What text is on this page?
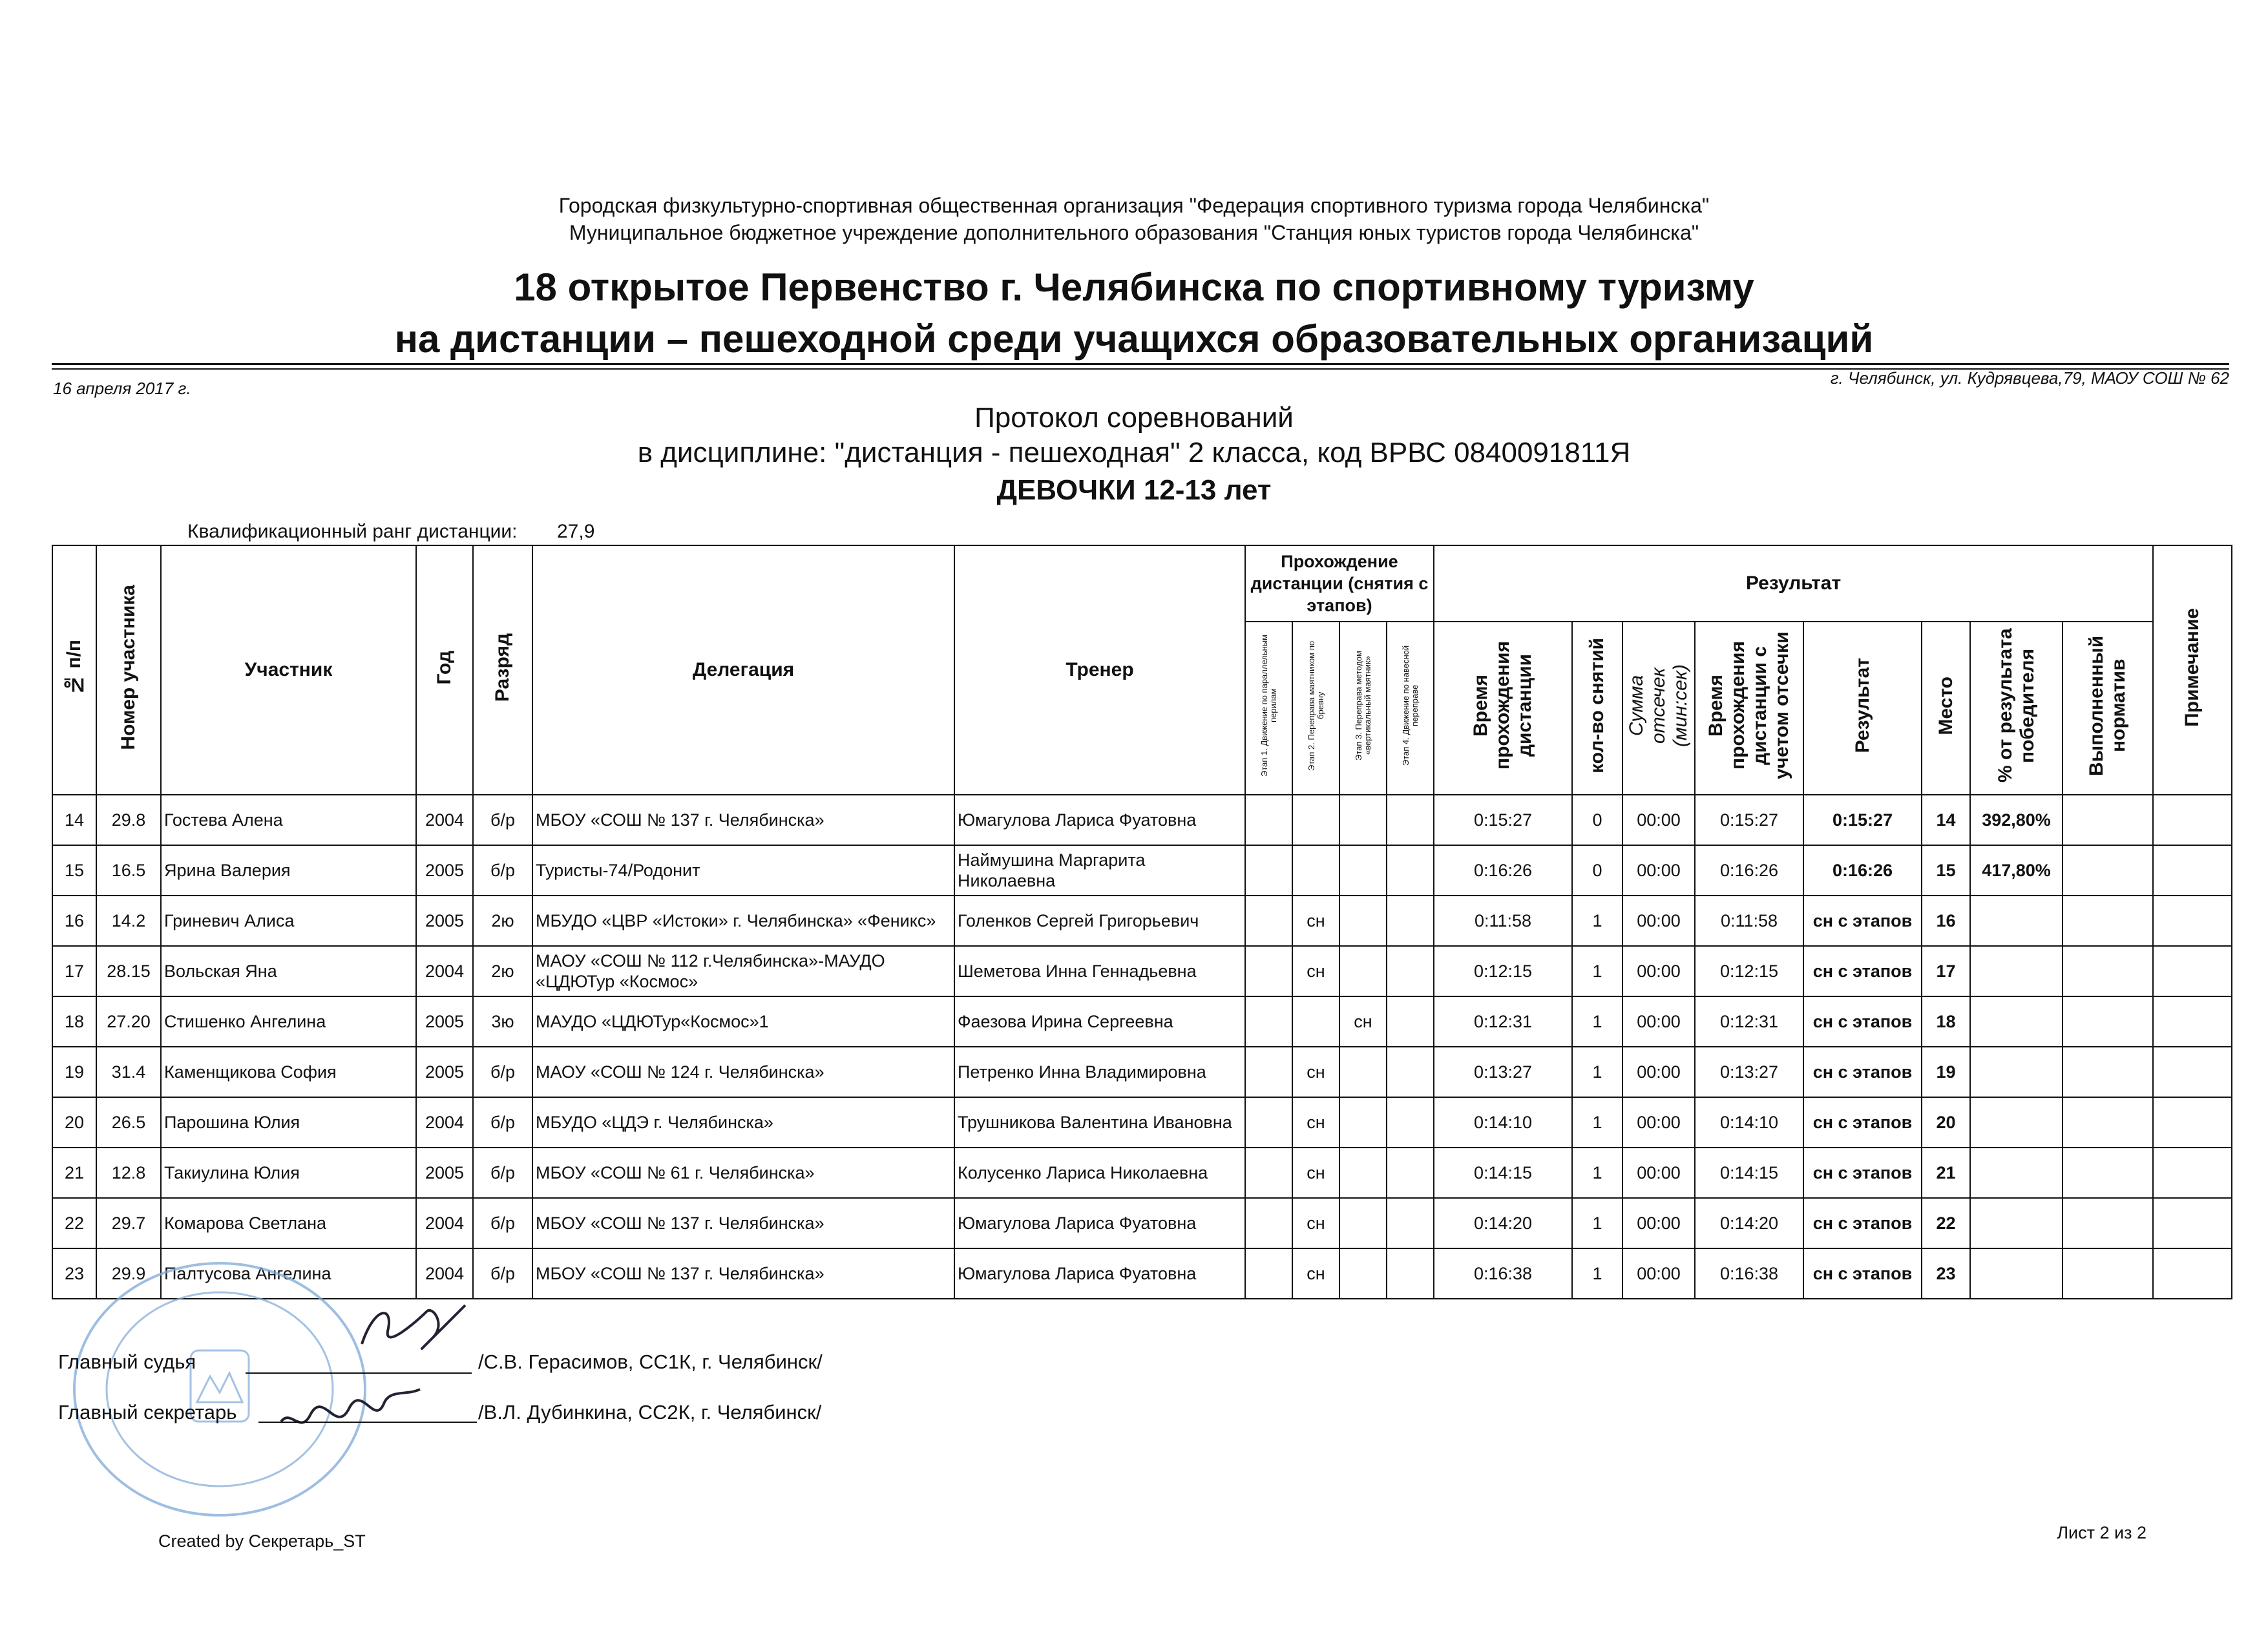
Городская физкультурно-спортивная общественная организация "Федерация спортивного туризма города Челябинска"
Муниципальное бюджетное учреждение дополнительного образования "Станция юных туристов города Челябинска"
18 открытое Первенство г. Челябинска по спортивному туризму
на дистанции – пешеходной среди учащихся образовательных организаций
16 апреля 2017 г.
г. Челябинск, ул. Кудрявцева,79, МАОУ СОШ № 62
Протокол соревнований
в дисциплине: "дистанция - пешеходная" 2 класса, код ВРВС 0840091811Я
ДЕВОЧКИ 12-13 лет
Квалификационный ранг дистанции: 27,9
№ п/п	Номер участника	Участник	Год	Разряд	Делегация	Тренер	Прохождение дистанции (снятия с этапов)				Результат								Примечание
							Этап 1. Движение по параллельным перилам	Этап 2. Переправа маятником по бревну	Этап 3. Переправа методом «вертикальный маятник»	Этап 4. Движение по навесной переправе	Время прохождения дистанции	кол-во снятий	Сумма отсечек (мин:сек)	Время прохождения дистанции с учетом отсечки	Результат	Место	% от результата победителя	Выполненный норматив	
14	29.8	Гостева Алена	2004	б/р	МБОУ «СОШ № 137 г. Челябинска»	Юмагулова Лариса Фуатовна					0:15:27	0	00:00	0:15:27	0:15:27	14	392,80%		
15	16.5	Ярина Валерия	2005	б/р	Туристы-74/Родонит	Наймушина Маргарита Николаевна					0:16:26	0	00:00	0:16:26	0:16:26	15	417,80%		
16	14.2	Гриневич Алиса	2005	2ю	МБУДО «ЦВР «Истоки» г. Челябинска» «Феникс»	Голенков Сергей Григорьевич		сн			0:11:58	1	00:00	0:11:58	сн с этапов	16			
17	28.15	Вольская Яна	2004	2ю	МАОУ «СОШ № 112 г.Челябинска»-МАУДО «ЦДЮТур «Космос»	Шеметова Инна Геннадьевна		сн			0:12:15	1	00:00	0:12:15	сн с этапов	17			
18	27.20	Стишенко Ангелина	2005	3ю	МАУДО «ЦДЮТур«Космос»1	Фаезова Ирина Сергеевна			сн		0:12:31	1	00:00	0:12:31	сн с этапов	18			
19	31.4	Каменщикова София	2005	б/р	МАОУ «СОШ № 124 г. Челябинска»	Петренко Инна Владимировна		сн			0:13:27	1	00:00	0:13:27	сн с этапов	19			
20	26.5	Парошина Юлия	2004	б/р	МБУДО «ЦДЭ г. Челябинска»	Трушникова Валентина Ивановна		сн			0:14:10	1	00:00	0:14:10	сн с этапов	20			
21	12.8	Такиулина Юлия	2005	б/р	МБОУ «СОШ № 61 г. Челябинска»	Колусенко Лариса Николаевна		сн			0:14:15	1	00:00	0:14:15	сн с этапов	21			
22	29.7	Комарова Светлана	2004	б/р	МБОУ «СОШ № 137 г. Челябинска»	Юмагулова Лариса Фуатовна		сн			0:14:20	1	00:00	0:14:20	сн с этапов	22			
23	29.9	Палтусова Ангелина	2004	б/р	МБОУ «СОШ № 137 г. Челябинска»	Юмагулова Лариса Фуатовна		сн			0:16:38	1	00:00	0:16:38	сн с этапов	23			
Главный судья	/С.В. Герасимов, СС1К, г. Челябинск/
Главный секретарь	/В.Л. Дубинкина, СС2К, г. Челябинск/
Created by Секретарь_ST	Лист 2 из 2
